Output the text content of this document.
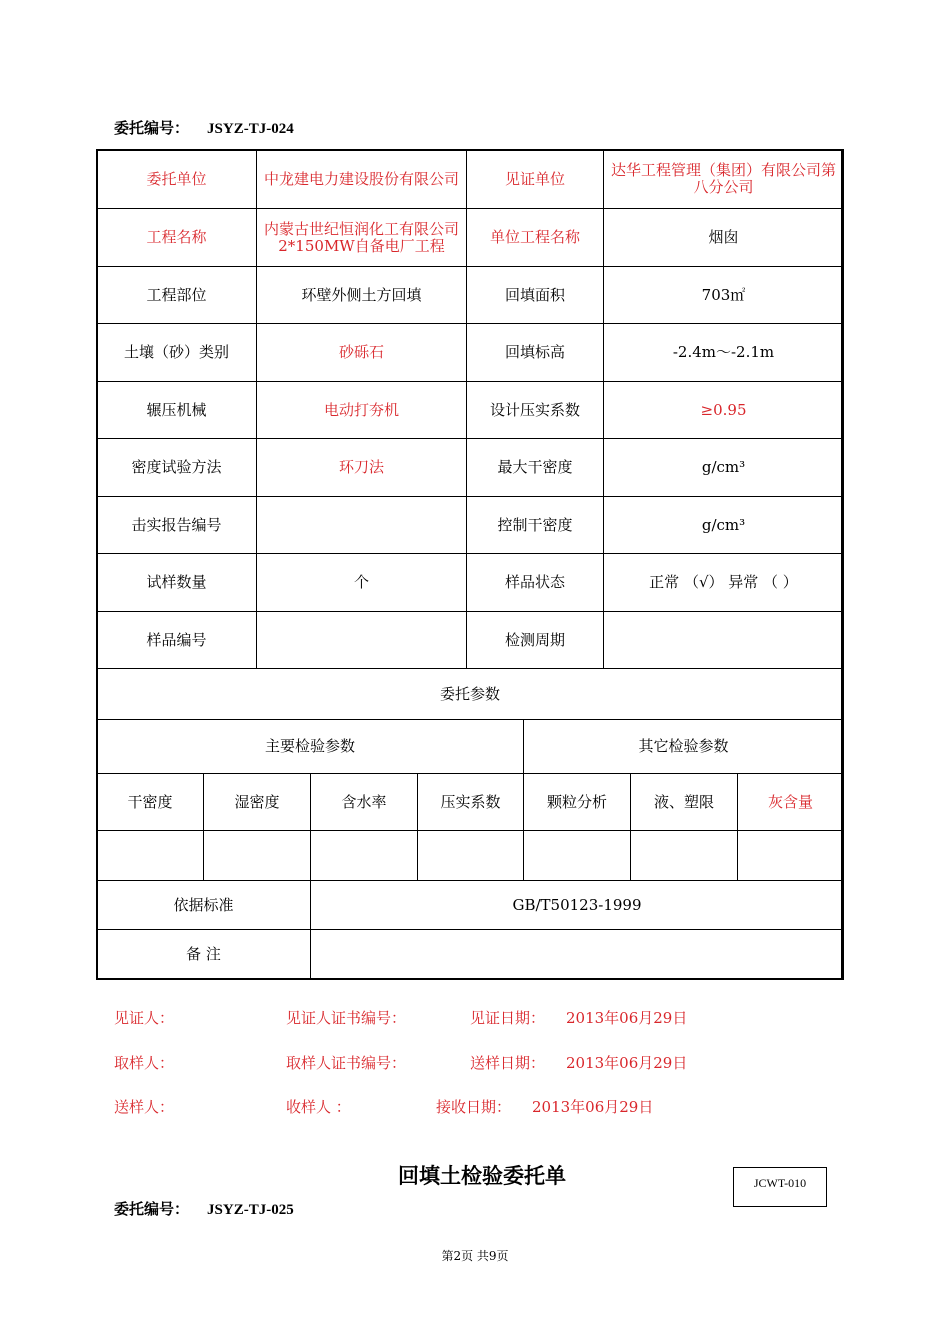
委托编号： JSYZ-TJ-024
委托单位	中龙建电力建设股份有限公司	见证单位	达华工程管理（集团）有限公司第八分公司
工程名称	内蒙古世纪恒润化工有限公司2*150MW自备电厂工程	单位工程名称	烟囱
工程部位	环壁外侧土方回填	回填面积	703㎡
土壤（砂）类别	砂砾石	回填标高	-2.4m～-2.1m
辗压机械	电动打夯机	设计压实系数	≥0.95
密度试验方法	环刀法	最大干密度	g/cm³
击实报告编号		控制干密度	g/cm³
试样数量	个	样品状态	正常 （√） 异常 （ ）
样品编号		检测周期	
委托参数						
主要检验参数				其它检验参数		
干密度	湿密度	含水率	压实系数	颗粒分析	液、塑限	灰含量

依据标准		GB/T50123-1999				
备 注						
见证人：	见证人证书编号：	见证日期： 2013年06月29日
取样人：	取样人证书编号：	送样日期： 2013年06月29日
送样人：	收样人 ：	接收日期： 2013年06月29日
回填土检验委托单	JCWT-010
委托编号： JSYZ-TJ-025
第2页 共9页
